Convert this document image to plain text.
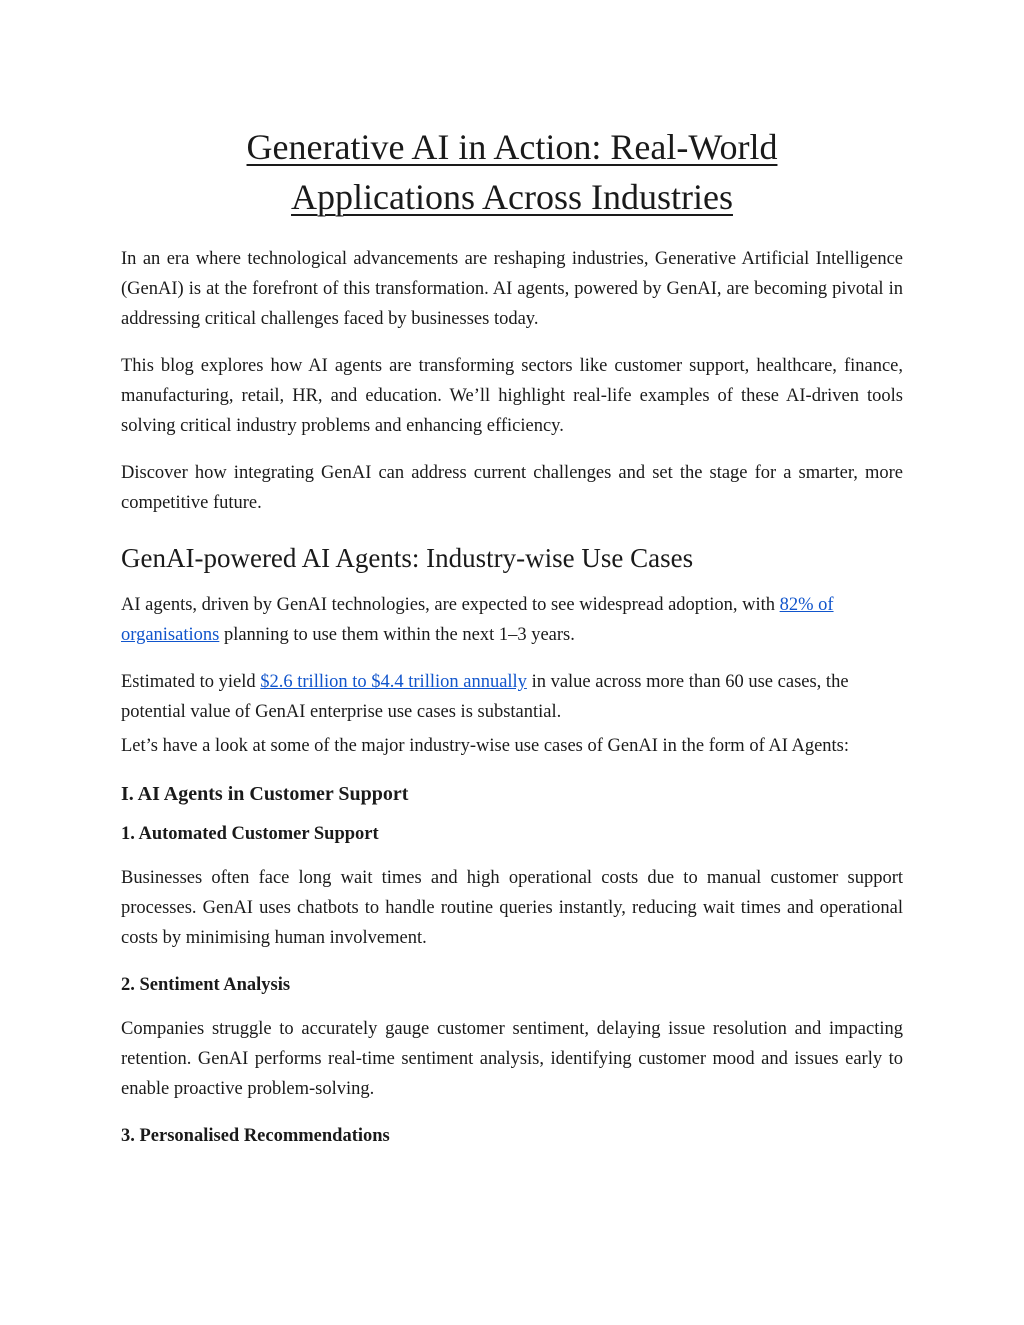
Generative AI in Action: Real-World
Applications Across Industries

In an era where technological advancements are reshaping industries, Generative Artificial Intelligence (GenAI) is at the forefront of this transformation. AI agents, powered by GenAI, are becoming pivotal in addressing critical challenges faced by businesses today.

This blog explores how AI agents are transforming sectors like customer support, healthcare, finance, manufacturing, retail, HR, and education. We’ll highlight real-life examples of these AI-driven tools solving critical industry problems and enhancing efficiency.

Discover how integrating GenAI can address current challenges and set the stage for a smarter, more competitive future.

GenAI-powered AI Agents: Industry-wise Use Cases

AI agents, driven by GenAI technologies, are expected to see widespread adoption, with 82% of organisations planning to use them within the next 1–3 years.

Estimated to yield $2.6 trillion to $4.4 trillion annually in value across more than 60 use cases, the potential value of GenAI enterprise use cases is substantial.

Let’s have a look at some of the major industry-wise use cases of GenAI in the form of AI Agents:

I. AI Agents in Customer Support
1. Automated Customer Support

Businesses often face long wait times and high operational costs due to manual customer support processes. GenAI uses chatbots to handle routine queries instantly, reducing wait times and operational costs by minimising human involvement.

2. Sentiment Analysis

Companies struggle to accurately gauge customer sentiment, delaying issue resolution and impacting retention. GenAI performs real-time sentiment analysis, identifying customer mood and issues early to enable proactive problem-solving.

3. Personalised Recommendations
